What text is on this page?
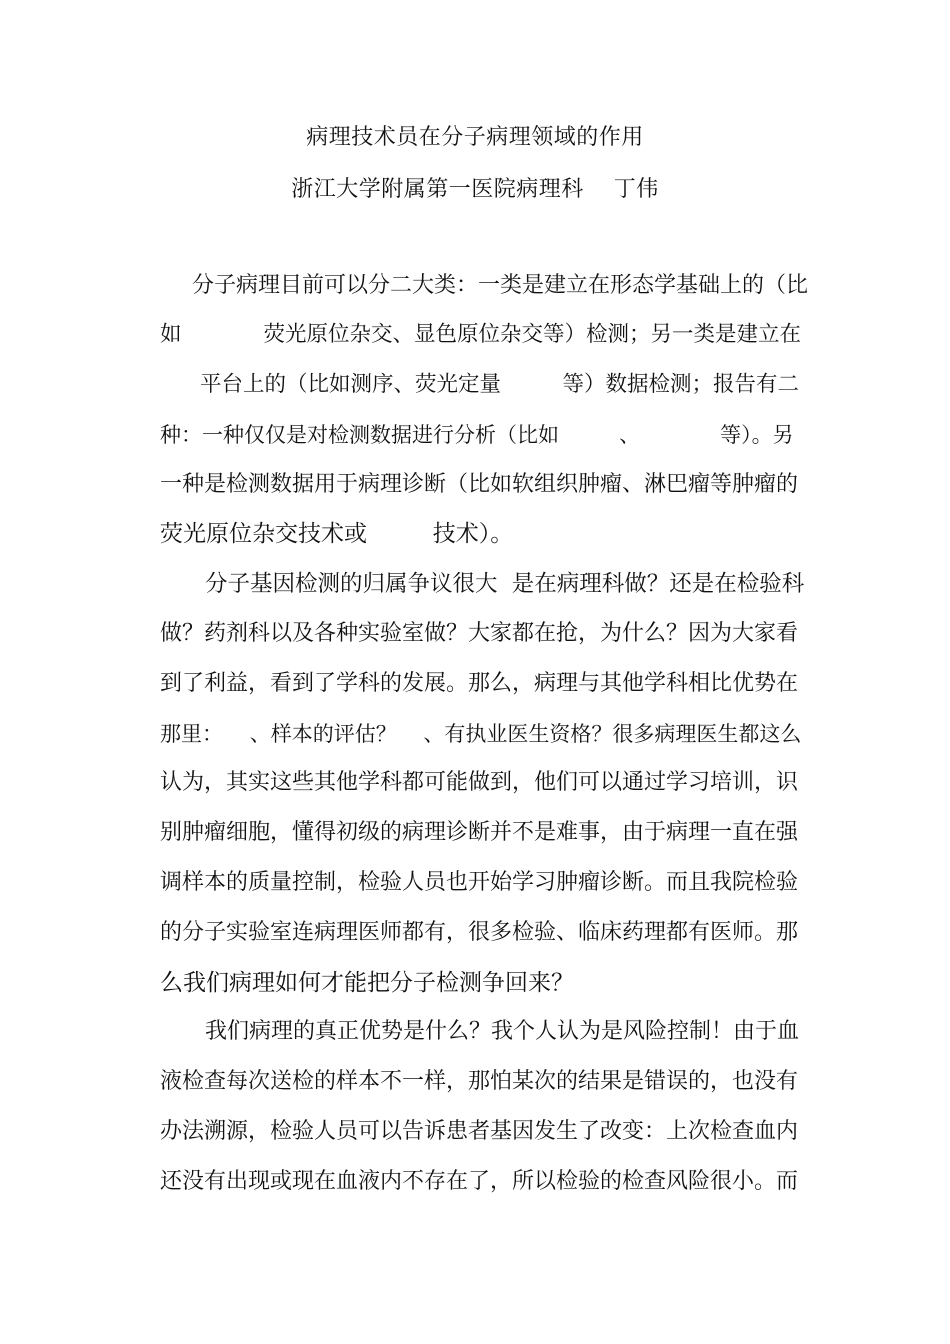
病理技术员在分子病理领域的作用
浙江大学附属第一医院病理科    丁伟
分子病理目前可以分二大类：一类是建立在形态学基础上的（比
如            荧光原位杂交、显色原位杂交等）检测；另一类是建立在
平台上的（比如测序、荧光定量         等）数据检测；报告有二
种：一种仅仅是对检测数据进行分析（比如         、            等）。另
一种是检测数据用于病理诊断（比如软组织肿瘤、淋巴瘤等肿瘤的
荧光原位杂交技术或         技术）。
分子基因检测的归属争议很大  是在病理科做？还是在检验科
做？药剂科以及各种实验室做？大家都在抢，为什么？因为大家看
到了利益，看到了学科的发展。那么，病理与其他学科相比优势在
那里：    、样本的评估？    、有执业医生资格？很多病理医生都这么
认为，其实这些其他学科都可能做到，他们可以通过学习培训，识
别肿瘤细胞，懂得初级的病理诊断并不是难事，由于病理一直在强
调样本的质量控制，检验人员也开始学习肿瘤诊断。而且我院检验
的分子实验室连病理医师都有，很多检验、临床药理都有医师。那
么我们病理如何才能把分子检测争回来？
我们病理的真正优势是什么？我个人认为是风险控制！由于血
液检查每次送检的样本不一样，那怕某次的结果是错误的，也没有
办法溯源，检验人员可以告诉患者基因发生了改变：上次检查血内
还没有出现或现在血液内不存在了，所以检验的检查风险很小。而
